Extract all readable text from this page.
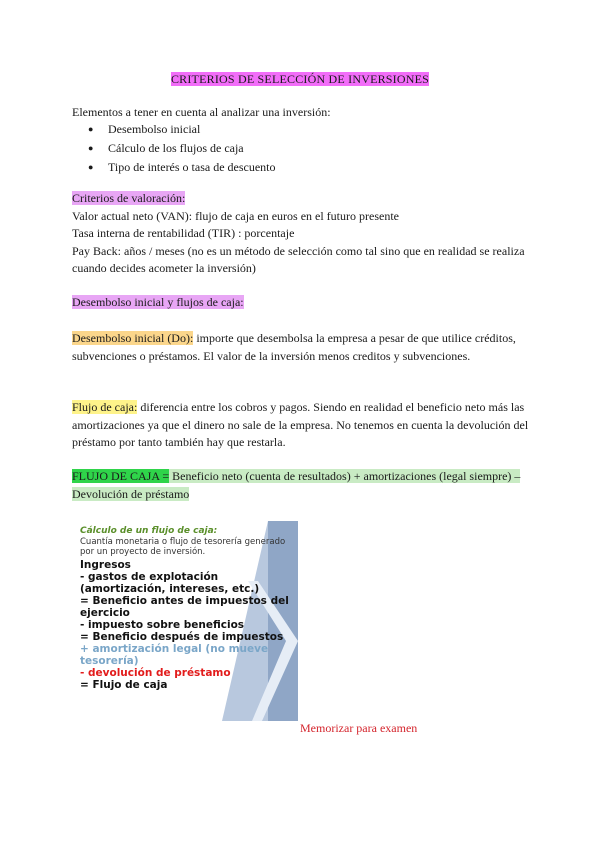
CRITERIOS DE SELECCIÓN DE INVERSIONES
Elementos a tener en cuenta al analizar una inversión:
● Desembolso inicial
● Cálculo de los flujos de caja
● Tipo de interés o tasa de descuento
Criterios de valoración:
Valor actual neto (VAN): flujo de caja en euros en el futuro presente
Tasa interna de rentabilidad (TIR) : porcentaje
Pay Back: años / meses (no es un método de selección como tal sino que en realidad se realiza cuando decides acometer la inversión)
Desembolso inicial y flujos de caja:
Desembolso inicial (Do): importe que desembolsa la empresa a pesar de que utilice créditos, subvenciones o préstamos. El valor de la inversión menos creditos y subvenciones.
Flujo de caja: diferencia entre los cobros y pagos. Siendo en realidad el beneficio neto más las amortizaciones ya que el dinero no sale de la empresa. No tenemos en cuenta la devolución del préstamo por tanto también hay que restarla.
FLUJO DE CAJA = Beneficio neto (cuenta de resultados) + amortizaciones (legal siempre) – Devolución de préstamo
Cálculo de un flujo de caja:
Cuantía monetaria o flujo de tesorería generado por un proyecto de inversión.
Ingresos
- gastos de explotación (amortización, intereses, etc.)
= Beneficio antes de impuestos del ejercicio
- impuesto sobre beneficios
= Beneficio después de impuestos
+ amortización legal (no mueve tesorería)
- devolución de préstamo
= Flujo de caja
Memorizar para examen
